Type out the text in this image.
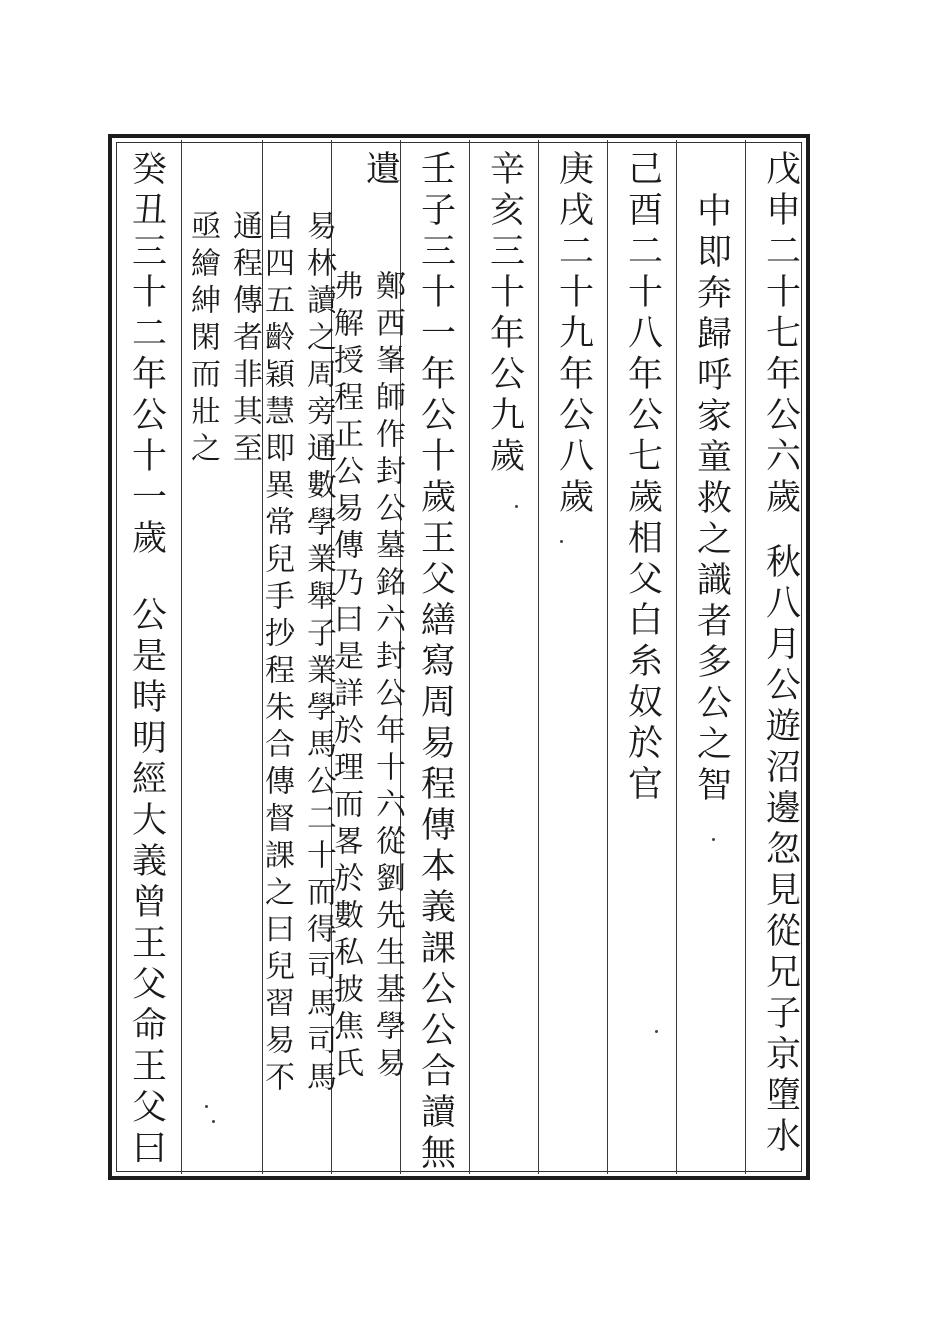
戊申二十七年公六歲
秋八月公遊沼邊忽見從兄子京墮水
中即奔歸呼家童救之識者多公之智
己酉二十八年公七歲相父白糸奴於官
庚戌二十九年公八歲
辛亥三十年公九歲
壬子三十一年公十歲王父繕寫周易程傳本義課公公合讀無
遺
鄭西峯師作封公墓銘六封公年十六從劉先生基學易
弗解授程正公易傳乃曰是詳於理而畧於數私披焦氏
易林讀之周旁通數學業舉子業學馬公二十而得司馬司馬
自四五齡穎慧即異常兒手抄程朱合傳督課之曰兒習易不
通程傳者非其至
亟繪紳閑而壯之
癸丑三十二年公十一歲
公是時明經大義曾王父命王父曰
